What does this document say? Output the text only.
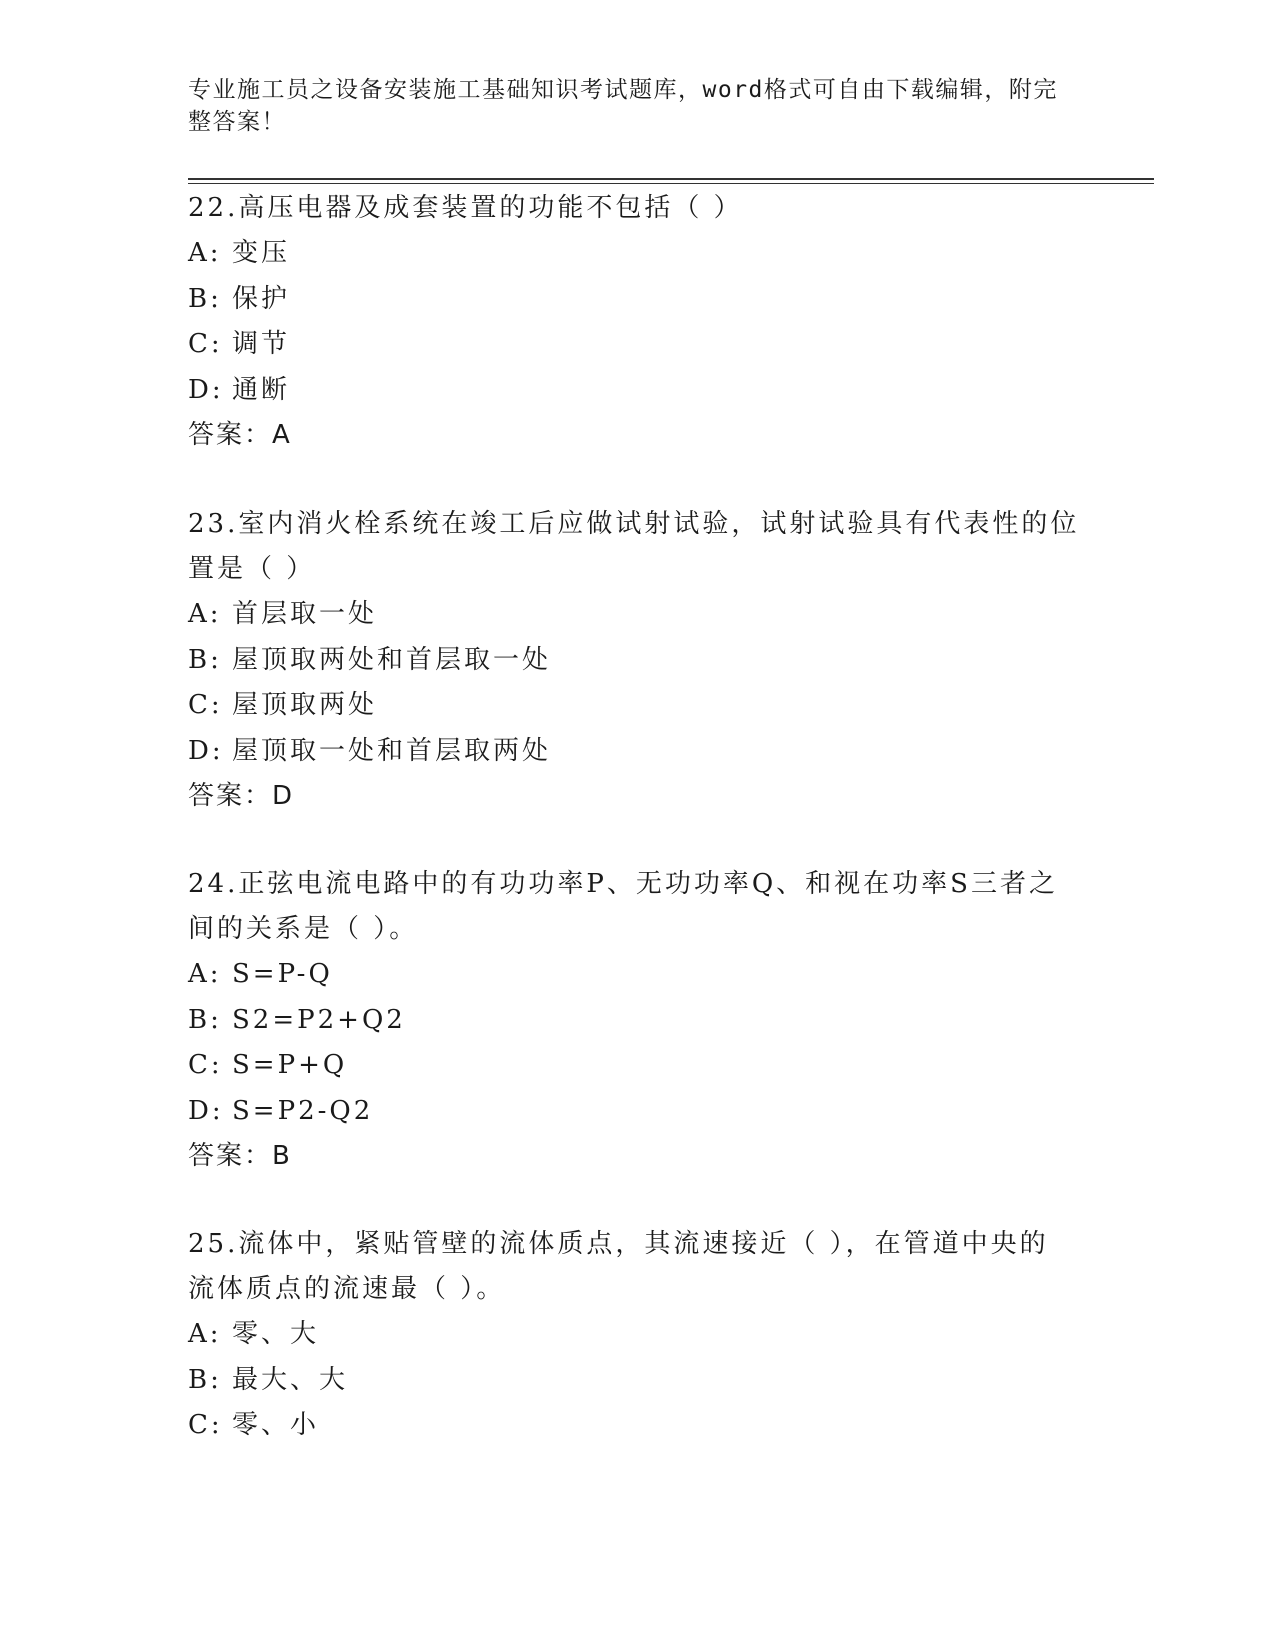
专业施工员之设备安装施工基础知识考试题库，word格式可自由下载编辑，附完
整答案！

22.高压电器及成套装置的功能不包括（ ）

A: 变压

B: 保护

C: 调节

D: 通断

答案：A

23.室内消火栓系统在竣工后应做试射试验，试射试验具有代表性的位

置是（ ）

A: 首层取一处

B: 屋顶取两处和首层取一处

C: 屋顶取两处

D: 屋顶取一处和首层取两处

答案：D

24.正弦电流电路中的有功功率P、无功功率Q、和视在功率S三者之

间的关系是（ ）。

A: S=P-Q

B: S2=P2+Q2

C: S=P+Q

D: S=P2-Q2

答案：B

25.流体中，紧贴管壁的流体质点，其流速接近（ ），在管道中央的

流体质点的流速最（ ）。

A: 零、大

B: 最大、大

C: 零、小
